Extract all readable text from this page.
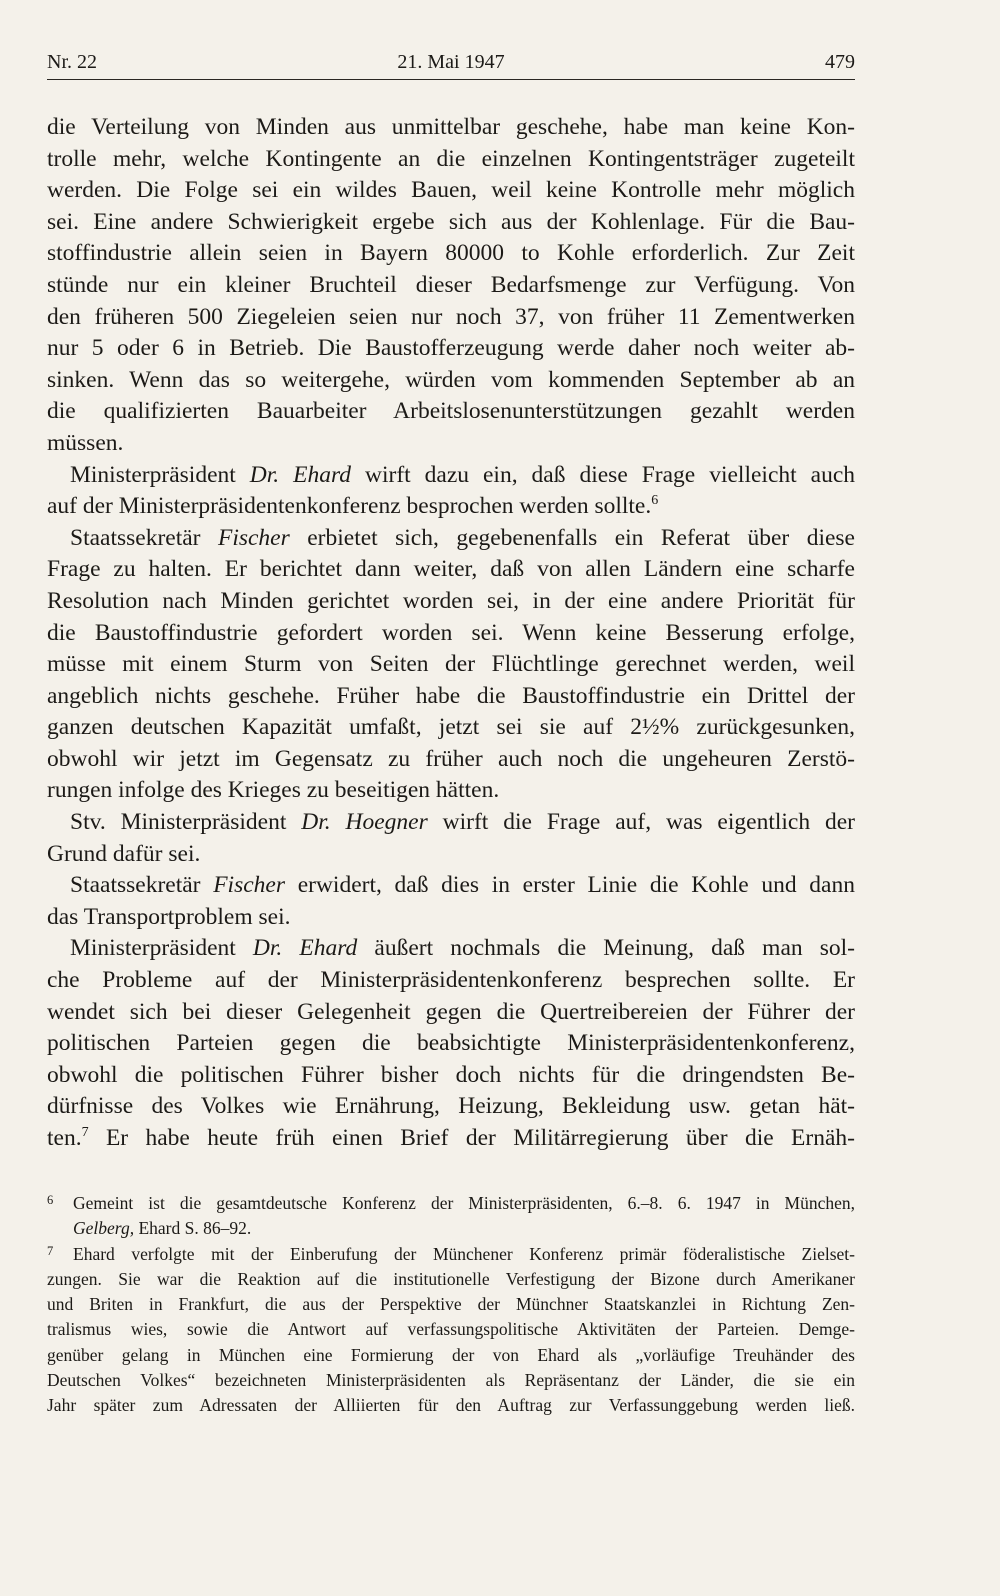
Nr. 22	21. Mai 1947	479
die Verteilung von Minden aus unmittelbar geschehe, habe man keine Kon-
trolle mehr, welche Kontingente an die einzelnen Kontingentsträger zugeteilt
werden. Die Folge sei ein wildes Bauen, weil keine Kontrolle mehr möglich
sei. Eine andere Schwierigkeit ergebe sich aus der Kohlenlage. Für die Bau-
stoffindustrie allein seien in Bayern 80000 to Kohle erforderlich. Zur Zeit
stünde nur ein kleiner Bruchteil dieser Bedarfsmenge zur Verfügung. Von
den früheren 500 Ziegeleien seien nur noch 37, von früher 11 Zementwerken
nur 5 oder 6 in Betrieb. Die Baustofferzeugung werde daher noch weiter ab-
sinken. Wenn das so weitergehe, würden vom kommenden September ab an
die qualifizierten Bauarbeiter Arbeitslosenunterstützungen gezahlt werden
müssen.
Ministerpräsident Dr. Ehard wirft dazu ein, daß diese Frage vielleicht auch
auf der Ministerpräsidentenkonferenz besprochen werden sollte.$^6$
Staatssekretär Fischer erbietet sich, gegebenenfalls ein Referat über diese
Frage zu halten. Er berichtet dann weiter, daß von allen Ländern eine scharfe
Resolution nach Minden gerichtet worden sei, in der eine andere Priorität für
die Baustoffindustrie gefordert worden sei. Wenn keine Besserung erfolge,
müsse mit einem Sturm von Seiten der Flüchtlinge gerechnet werden, weil
angeblich nichts geschehe. Früher habe die Baustoffindustrie ein Drittel der
ganzen deutschen Kapazität umfaßt, jetzt sei sie auf 2½% zurückgesunken,
obwohl wir jetzt im Gegensatz zu früher auch noch die ungeheuren Zerstö-
rungen infolge des Krieges zu beseitigen hätten.
Stv. Ministerpräsident Dr. Hoegner wirft die Frage auf, was eigentlich der
Grund dafür sei.
Staatssekretär Fischer erwidert, daß dies in erster Linie die Kohle und dann
das Transportproblem sei.
Ministerpräsident Dr. Ehard äußert nochmals die Meinung, daß man sol-
che Probleme auf der Ministerpräsidentenkonferenz besprechen sollte. Er
wendet sich bei dieser Gelegenheit gegen die Quertreibereien der Führer der
politischen Parteien gegen die beabsichtigte Ministerpräsidentenkonferenz,
obwohl die politischen Führer bisher doch nichts für die dringendsten Be-
dürfnisse des Volkes wie Ernährung, Heizung, Bekleidung usw. getan hät-
ten.$^7$ Er habe heute früh einen Brief der Militärregierung über die Ernäh-
6 Gemeint ist die gesamtdeutsche Konferenz der Ministerpräsidenten, 6.–8. 6. 1947 in München,
Gelberg, Ehard S. 86–92.
7 Ehard verfolgte mit der Einberufung der Münchener Konferenz primär föderalistische Zielset-
zungen. Sie war die Reaktion auf die institutionelle Verfestigung der Bizone durch Amerikaner
und Briten in Frankfurt, die aus der Perspektive der Münchner Staatskanzlei in Richtung Zen-
tralismus wies, sowie die Antwort auf verfassungspolitische Aktivitäten der Parteien. Demge-
genüber gelang in München eine Formierung der von Ehard als „vorläufige Treuhänder des
Deutschen Volkes“ bezeichneten Ministerpräsidenten als Repräsentanz der Länder, die sie ein
Jahr später zum Adressaten der Alliierten für den Auftrag zur Verfassunggebung werden ließ.
